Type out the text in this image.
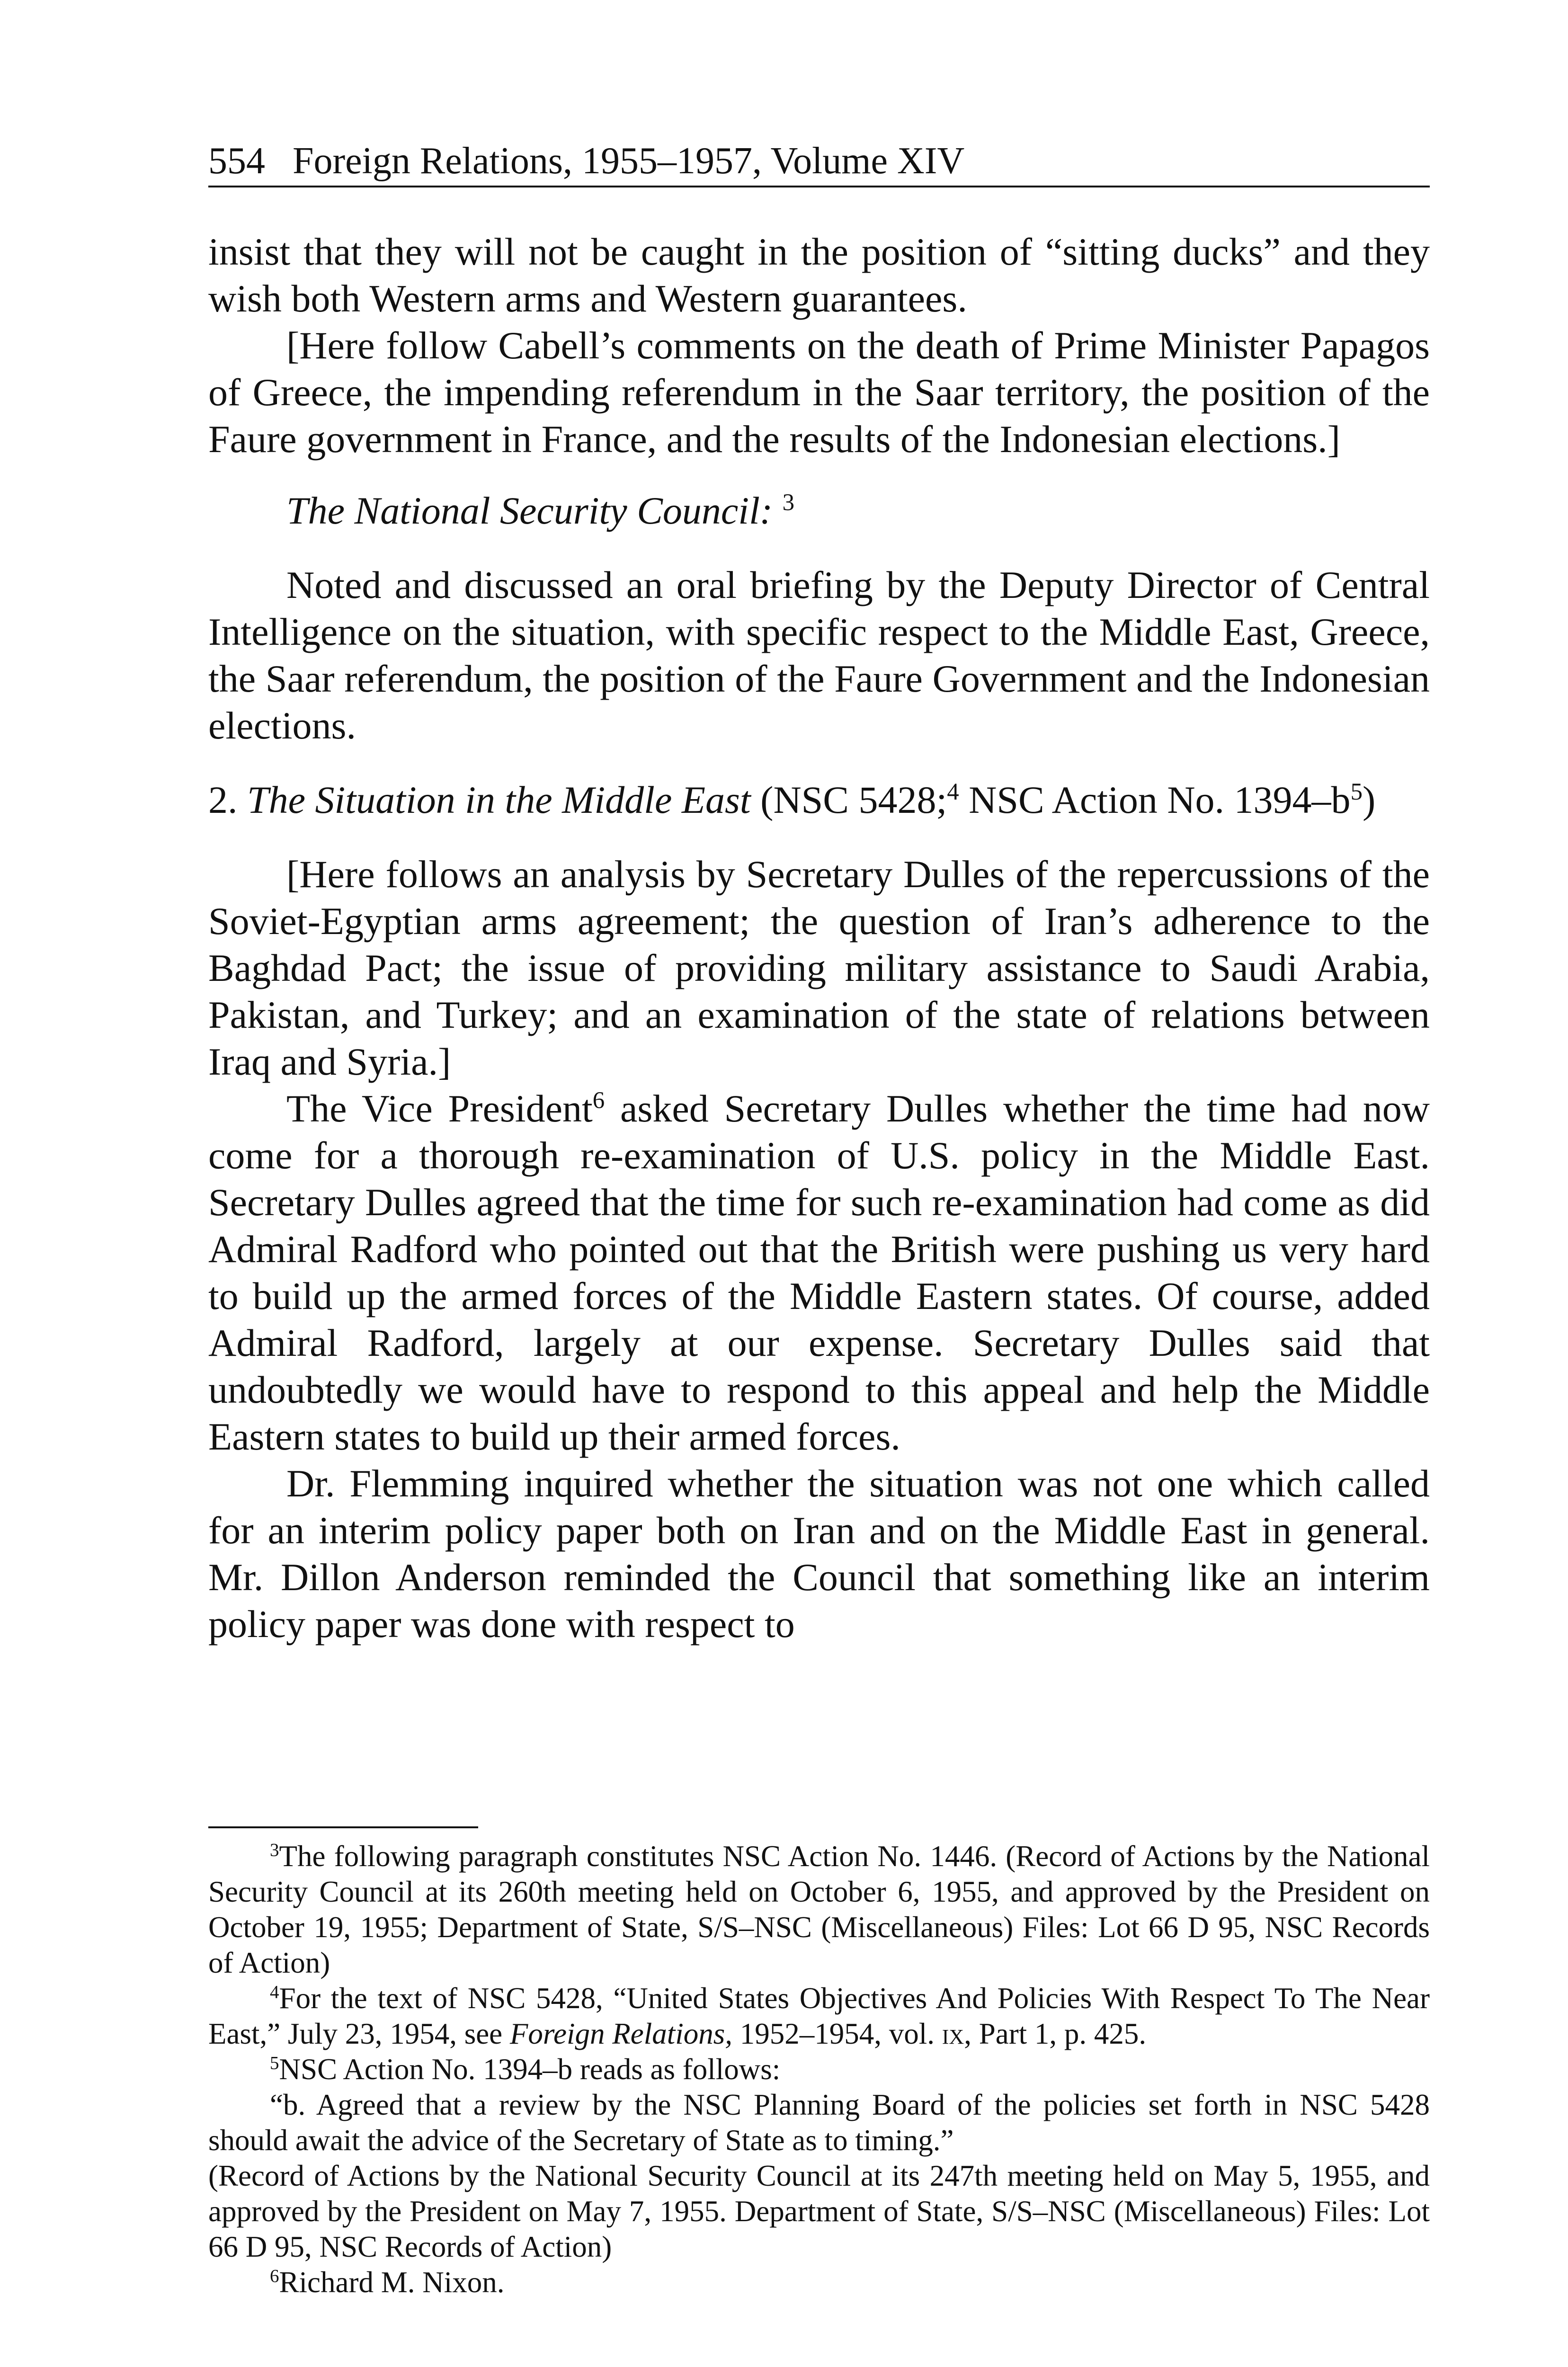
554 Foreign Relations, 1955–1957, Volume XIV

insist that they will not be caught in the position of “sitting ducks” and they wish both Western arms and Western guarantees.

[Here follow Cabell’s comments on the death of Prime Minister Papagos of Greece, the impending referendum in the Saar territory, the position of the Faure government in France, and the results of the Indonesian elections.]

The National Security Council: $^3$

Noted and discussed an oral briefing by the Deputy Director of Central Intelligence on the situation, with specific respect to the Middle East, Greece, the Saar referendum, the position of the Faure Government and the Indonesian elections.

2. The Situation in the Middle East (NSC 5428;$^4$ NSC Action No. $1394-b^5$)

[Here follows an analysis by Secretary Dulles of the repercussions of the Soviet-Egyptian arms agreement; the question of Iran’s adherence to the Baghdad Pact; the issue of providing military assistance to Saudi Arabia, Pakistan, and Turkey; and an examination of the state of relations between Iraq and Syria.]

The Vice President$^6$ asked Secretary Dulles whether the time had now come for a thorough re-examination of U.S. policy in the Middle East. Secretary Dulles agreed that the time for such re-examination had come as did Admiral Radford who pointed out that the British were pushing us very hard to build up the armed forces of the Middle Eastern states. Of course, added Admiral Radford, largely at our expense. Secretary Dulles said that undoubtedly we would have to respond to this appeal and help the Middle Eastern states to build up their armed forces.

Dr. Flemming inquired whether the situation was not one which called for an interim policy paper both on Iran and on the Middle East in general. Mr. Dillon Anderson reminded the Council that something like an interim policy paper was done with respect to

$^3$The following paragraph constitutes NSC Action No. 1446. (Record of Actions by the National Security Council at its 260th meeting held on October 6, 1955, and approved by the President on October 19, 1955; Department of State, S/S–NSC (Miscellaneous) Files: Lot 66 D 95, NSC Records of Action)

$^4$For the text of NSC 5428, “United States Objectives And Policies With Respect To The Near East,” July 23, 1954, see Foreign Relations, 1952–1954, vol. ix, Part 1, p. 425.

$^5$NSC Action No. 1394–b reads as follows:

“b. Agreed that a review by the NSC Planning Board of the policies set forth in NSC 5428 should await the advice of the Secretary of State as to timing.”

(Record of Actions by the National Security Council at its 247th meeting held on May 5, 1955, and approved by the President on May 7, 1955. Department of State, S/S–NSC (Miscellaneous) Files: Lot 66 D 95, NSC Records of Action)

$^6$Richard M. Nixon.
